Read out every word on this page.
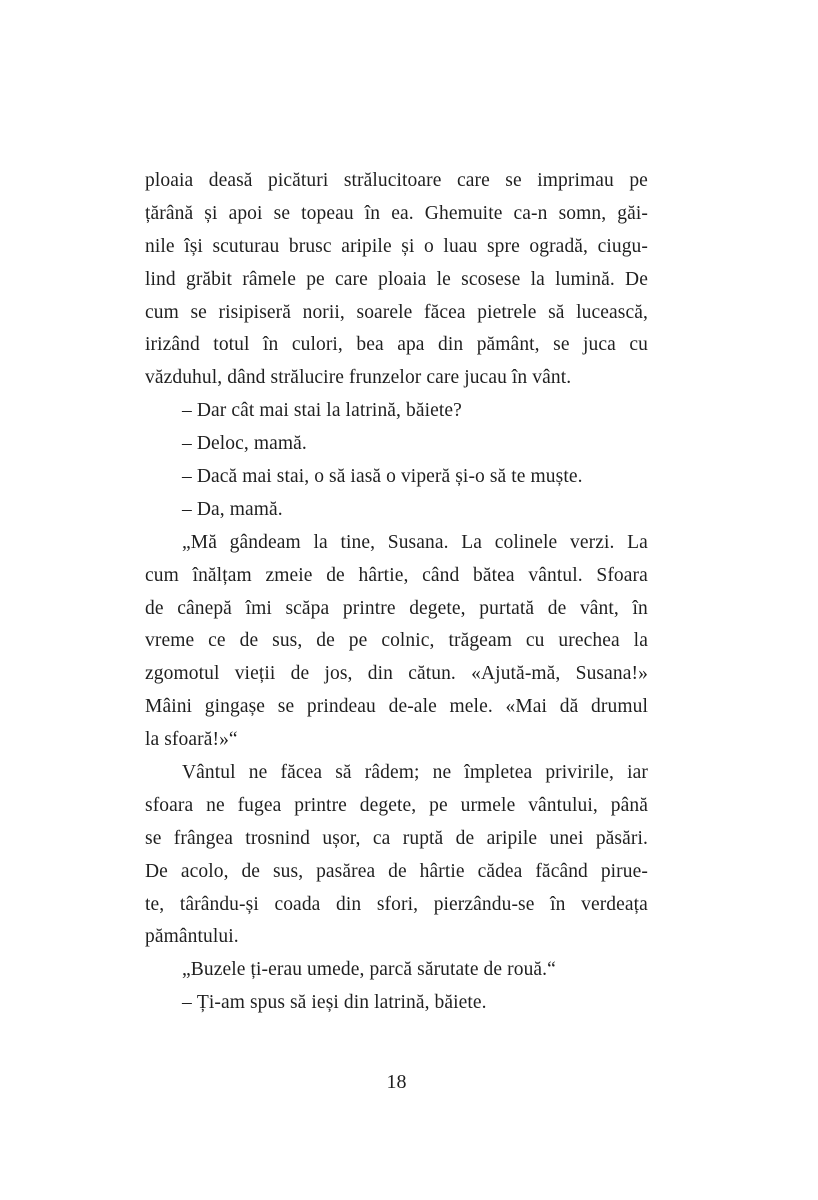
ploaia deasă picături strălucitoare care se imprimau pe
țărână și apoi se topeau în ea. Ghemuite ca-n somn, găi-
nile își scuturau brusc aripile și o luau spre ogradă, ciugu-
lind grăbit râmele pe care ploaia le scosese la lumină. De
cum se risipiseră norii, soarele făcea pietrele să lucească,
irizând totul în culori, bea apa din pământ, se juca cu
văzduhul, dând strălucire frunzelor care jucau în vânt.
– Dar cât mai stai la latrină, băiete?
– Deloc, mamă.
– Dacă mai stai, o să iasă o viperă și-o să te muște.
– Da, mamă.
„Mă gândeam la tine, Susana. La colinele verzi. La
cum înălțam zmeie de hârtie, când bătea vântul. Sfoara
de cânepă îmi scăpa printre degete, purtată de vânt, în
vreme ce de sus, de pe colnic, trăgeam cu urechea la
zgomotul vieții de jos, din cătun. «Ajută-mă, Susana!»
Mâini gingașe se prindeau de-ale mele. «Mai dă drumul
la sfoară!»“
Vântul ne făcea să râdem; ne împletea privirile, iar
sfoara ne fugea printre degete, pe urmele vântului, până
se frângea trosnind ușor, ca ruptă de aripile unei păsări.
De acolo, de sus, pasărea de hârtie cădea făcând pirue-
te, târându-și coada din sfori, pierzându-se în verdeața
pământului.
„Buzele ți-erau umede, parcă sărutate de rouă.“
– Ți-am spus să ieși din latrină, băiete.
18
